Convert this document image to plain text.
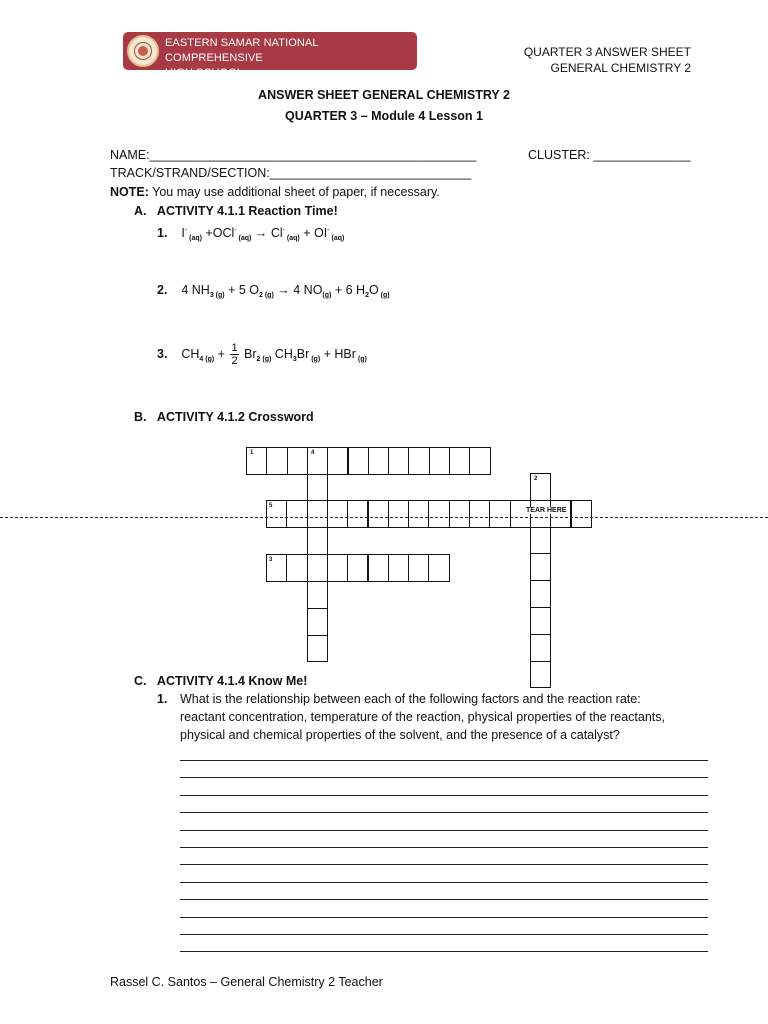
EASTERN SAMAR NATIONAL COMPREHENSIVE
HIGH SCHOOL
QUARTER 3 ANSWER SHEET
GENERAL CHEMISTRY 2
ANSWER SHEET GENERAL CHEMISTRY 2
QUARTER 3 – Module 4 Lesson 1
NAME:_______________________________________________	CLUSTER: ______________
TRACK/STRAND/SECTION:_____________________________
NOTE: You may use additional sheet of paper, if necessary.
A. ACTIVITY 4.1.1 Reaction Time!
1. I- $_{(aq)}$ +OCl- $_{(aq)}$ → Cl- $_{(aq)}$ + OI- $_{(aq)}$
2. 4 $NH_{3 (g)} + 5$ $O_{2 (g)} \to 4$ $NO_{(g)} + 6$ $H_2O$ $_{(g)}$
3. $CH_{4 (g)} + \frac{1}{2} Br_{2 (g)}$ $CH_3Br$ $_{(g)}$ + HBr $_{(g)}$
B. ACTIVITY 4.1.2 Crossword
TEAR HERE
1	4
2
5
3
C. ACTIVITY 4.1.4 Know Me!
1. What is the relationship between each of the following factors and the reaction rate:
reactant concentration, temperature of the reaction, physical properties of the reactants,
physical and chemical properties of the solvent, and the presence of a catalyst?
Rassel C. Santos – General Chemistry 2 Teacher
